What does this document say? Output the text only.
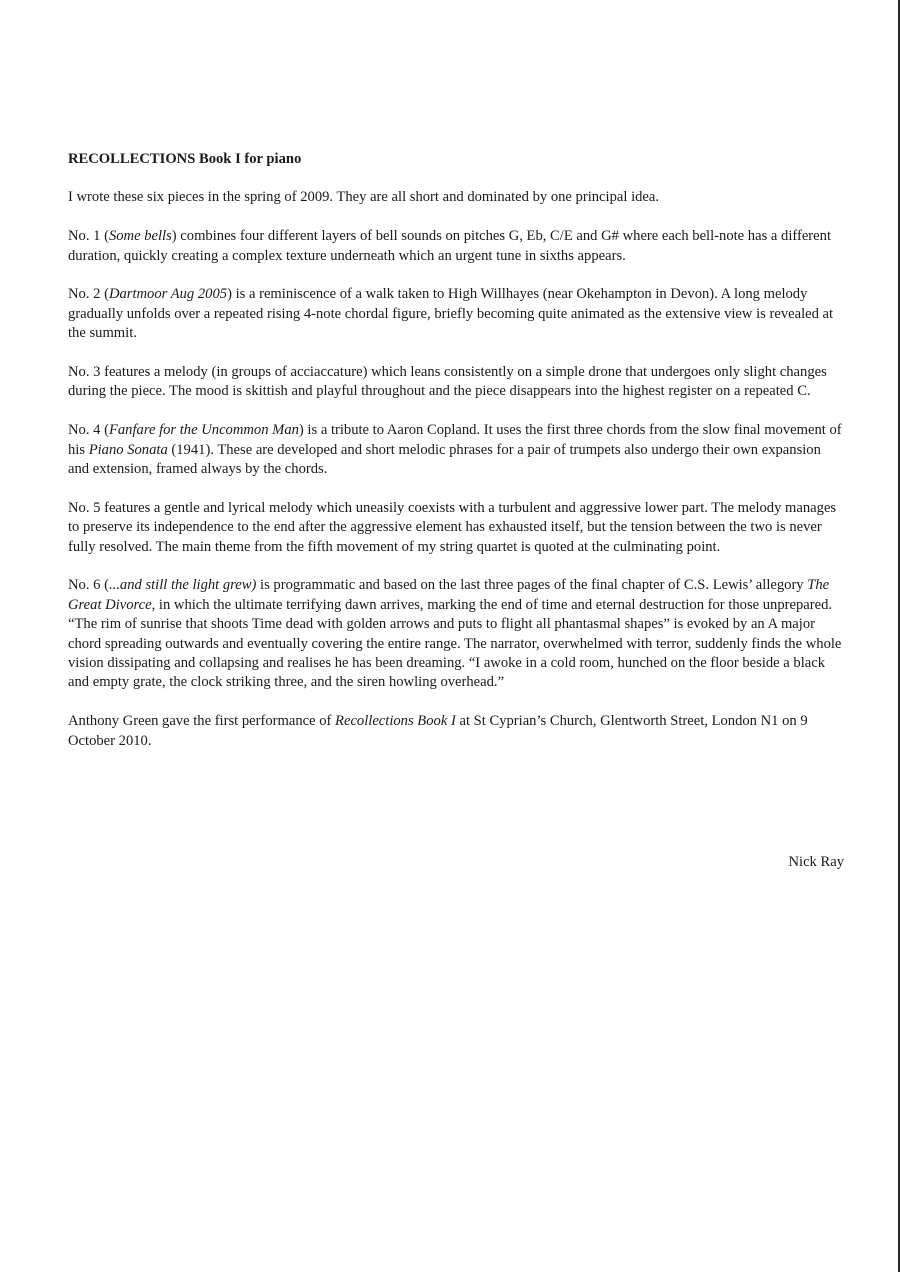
RECOLLECTIONS Book I for piano

I wrote these six pieces in the spring of 2009. They are all short and dominated by one principal idea.

No. 1 (Some bells) combines four different layers of bell sounds on pitches G, Eb, C/E and G# where each bell-note has a different duration, quickly creating a complex texture underneath which an urgent tune in sixths appears.

No. 2 (Dartmoor Aug 2005) is a reminiscence of a walk taken to High Willhayes (near Okehampton in Devon). A long melody gradually unfolds over a repeated rising 4-note chordal figure, briefly becoming quite animated as the extensive view is revealed at the summit.

No. 3 features a melody (in groups of acciaccature) which leans consistently on a simple drone that undergoes only slight changes during the piece. The mood is skittish and playful throughout and the piece disappears into the highest register on a repeated C.

No. 4 (Fanfare for the Uncommon Man) is a tribute to Aaron Copland. It uses the first three chords from the slow final movement of his Piano Sonata (1941). These are developed and short melodic phrases for a pair of trumpets also undergo their own expansion and extension, framed always by the chords.

No. 5 features a gentle and lyrical melody which uneasily coexists with a turbulent and aggressive lower part. The melody manages to preserve its independence to the end after the aggressive element has exhausted itself, but the tension between the two is never fully resolved. The main theme from the fifth movement of my string quartet is quoted at the culminating point.

No. 6 (...and still the light grew) is programmatic and based on the last three pages of the final chapter of C.S. Lewis’ allegory The Great Divorce, in which the ultimate terrifying dawn arrives, marking the end of time and eternal destruction for those unprepared. “The rim of sunrise that shoots Time dead with golden arrows and puts to flight all phantasmal shapes” is evoked by an A major chord spreading outwards and eventually covering the entire range. The narrator, overwhelmed with terror, suddenly finds the whole vision dissipating and collapsing and realises he has been dreaming. “I awoke in a cold room, hunched on the floor beside a black and empty grate, the clock striking three, and the siren howling overhead.”

Anthony Green gave the first performance of Recollections Book I at St Cyprian’s Church, Glentworth Street, London N1 on 9 October 2010.

Nick Ray
